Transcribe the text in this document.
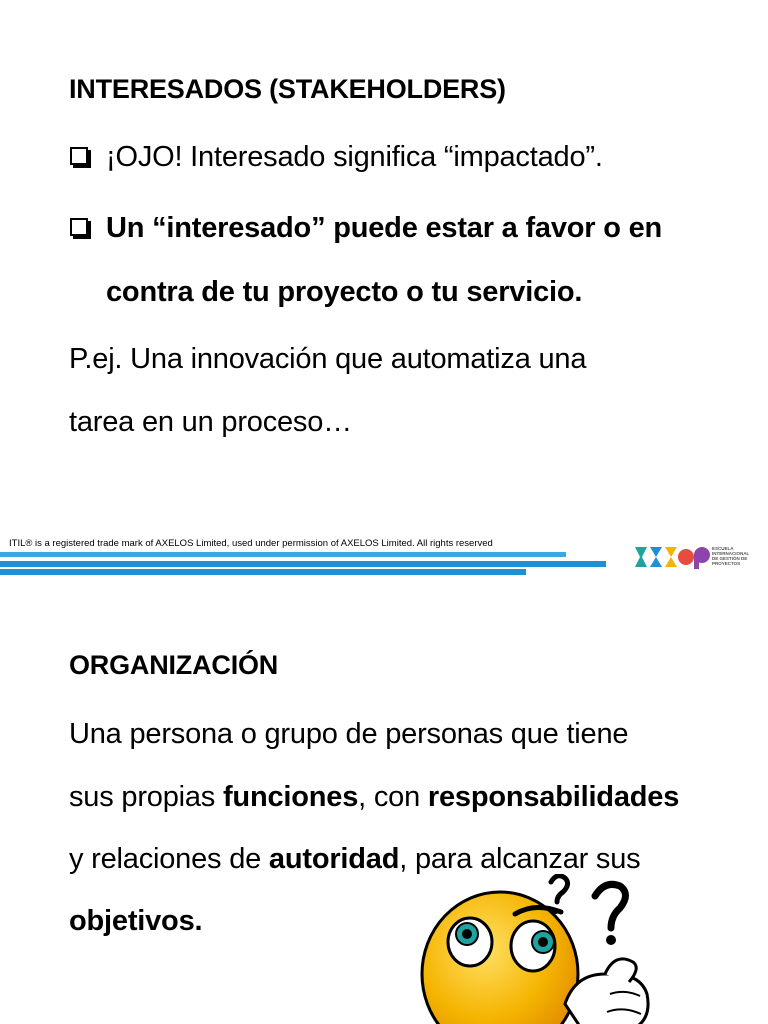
INTERESADOS (STAKEHOLDERS)
¡OJO! Interesado significa “impactado”.
Un “interesado” puede estar a favor o en
contra de tu proyecto o tu servicio.
P.ej. Una innovación que automatiza una
tarea en un proceso…
ITIL® is a registered trade mark of AXELOS Limited, used under permission of AXELOS Limited. All rights reserved	ESCUELA
INTERNACIONAL
DE GESTIÓN DE
PROYECTOS
ORGANIZACIÓN
Una persona o grupo de personas que tiene
sus propias funciones, con responsabilidades
y relaciones de autoridad, para alcanzar sus
objetivos.
